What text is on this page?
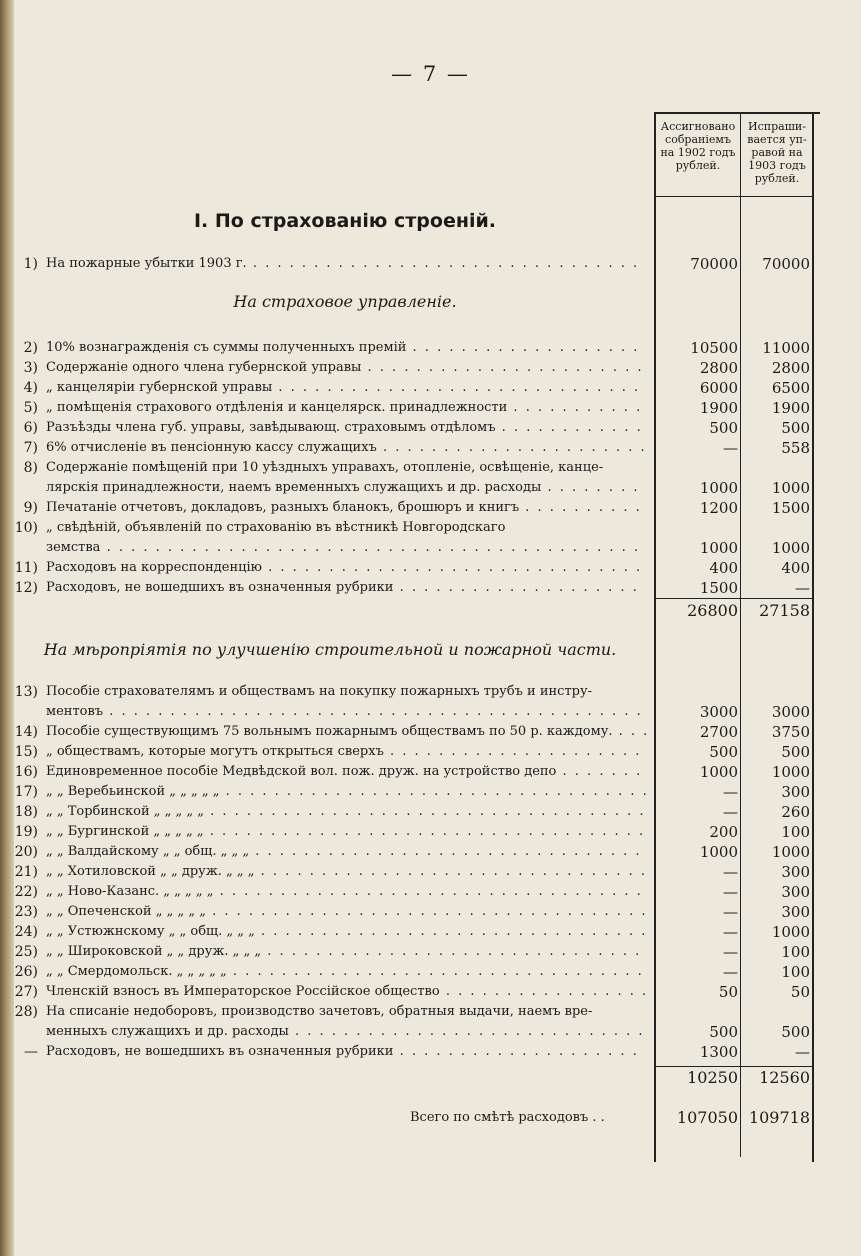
— 7 —
Ассигновано собраніемъ на 1902 годъ рублей.
Испраши- вается уп- равой на 1903 годъ рублей.
I. По страхованію строеній.
1) На пожарные убытки 1903 г. . . .	70000	70000
На страховое управленіе.
2) 10% вознагражденія съ суммы полученныхъ премій . . .	10500	11000
3) Содержаніе одного члена губернской управы . . .	2800	2800
4) „ канцеляріи губернской управы . . .	6000	6500
5) „ помѣщенія страхового отдѣленія и канцелярск. принадлежности . . .	1900	1900
6) Разъѣзды члена губ. управы, завѣдывающ. страховымъ отдѣломъ . . .	500	500
7) 6% отчисленіе въ пенсіонную кассу служащихъ . . .	—	558
8) Содержаніе помѣщеній при 10 уѣздныхъ управахъ, отопленіе, освѣщеніе, канце-
лярскія принадлежности, наемъ временныхъ служащихъ и др. расходы . . .	1000	1000
9) Печатаніе отчетовъ, докладовъ, разныхъ бланокъ, брошюръ и книгъ . . .	1200	1500
10) „ свѣдѣній, объявленій по страхованію въ вѣстникѣ Новгородскаго
земства . . .	1000	1000
11) Расходовъ на корреспонденцію . . .	400	400
12) Расходовъ, не вошедшихъ въ означенныя рубрики . . .	1500	—
26800	27158
На мѣропріятія по улучшенію строительной и пожарной части.
13) Пособіе страхователямъ и обществамъ на покупку пожарныхъ трубъ и инстру-
ментовъ . . .	3000	3000
14) Пособіе существующимъ 75 вольнымъ пожарнымъ обществамъ по 50 р. каждому. . . .	2700	3750
15) „ обществамъ, которые могутъ открыться сверхъ . . .	500	500
16) Единовременное пособіе Медвѣдской вол. пож. друж. на устройство депо . . .	1000	1000
17) „ „ Веребьинской „ „ „ „ „ . . .	—	300
18) „ „ Торбинской „ „ „ „ „ . . .	—	260
19) „ „ Бургинской „ „ „ „ „ . . .	200	100
20) „ „ Валдайскому „ „ общ. „ „ „ . . .	1000	1000
21) „ „ Хотиловской „ „ друж. „ „ „ . . .	—	300
22) „ „ Ново-Казанс. „ „ „ „ „ . . .	—	300
23) „ „ Опеченской „ „ „ „ „ . . .	—	300
24) „ „ Устюжнскому „ „ общ. „ „ „ . . .	—	1000
25) „ „ Широковской „ „ друж. „ „ „ . . .	—	100
26) „ „ Смердомольск. „ „ „ „ „ . . .	—	100
27) Членскій взносъ въ Императорское Россійское общество . . .	50	50
28) На списаніе недоборовъ, производство зачетовъ, обратныя выдачи, наемъ вре-
менныхъ служащихъ и др. расходы . . .	500	500
— Расходовъ, не вошедшихъ въ означенныя рубрики . . .	1300	—
10250	12560
Всего по смѣтѣ расходовъ . .	107050 109718
